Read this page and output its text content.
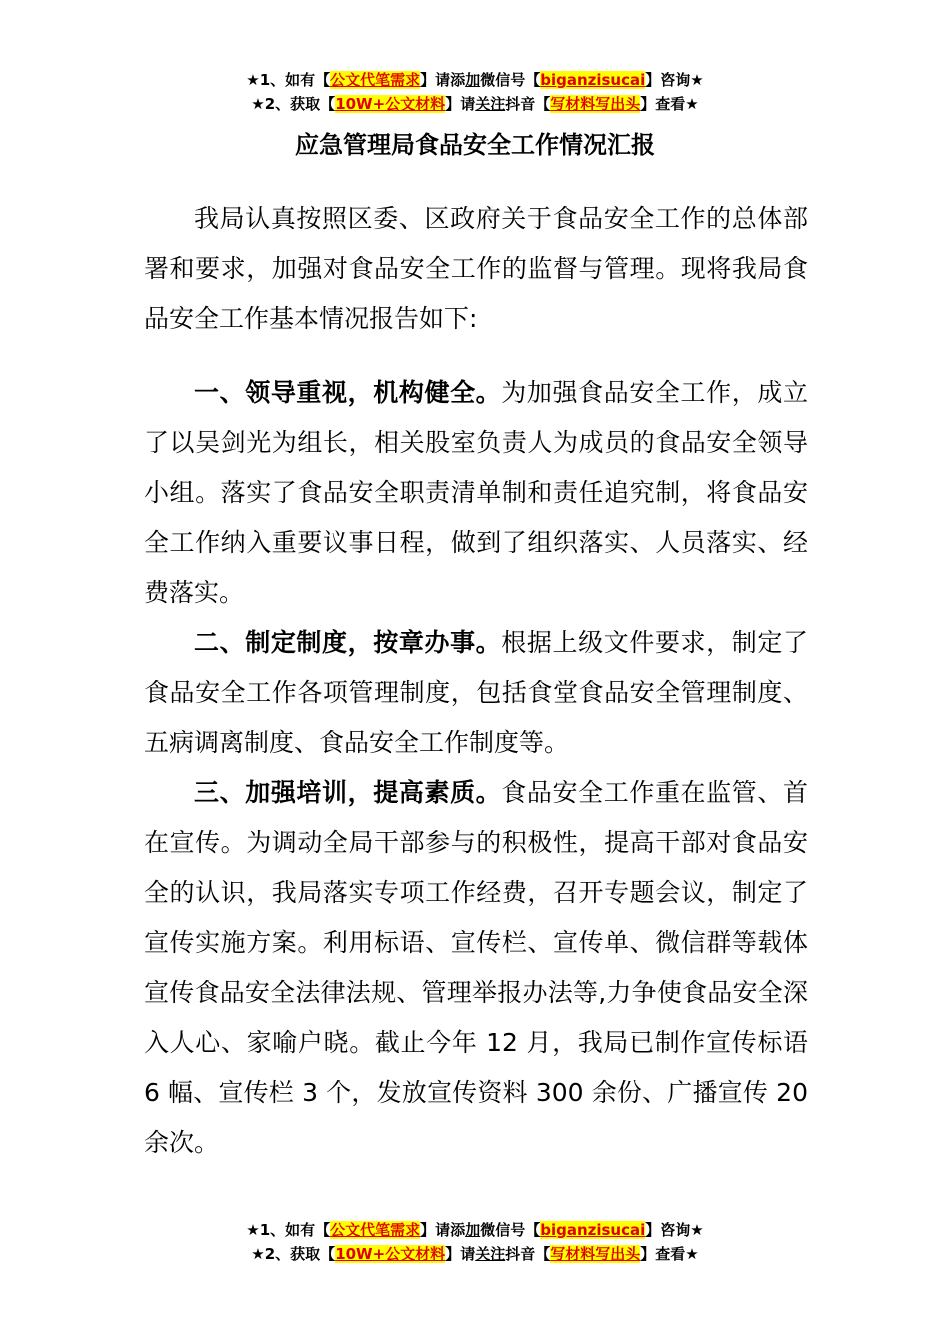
★1、如有【公文代笔需求】请添加微信号【biganzisucai】咨询★
★2、获取【10W+公文材料】请关注抖音【写材料写出头】查看★
应急管理局食品安全工作情况汇报

我局认真按照区委、区政府关于食品安全工作的总体部署和要求，加强对食品安全工作的监督与管理。现将我局食品安全工作基本情况报告如下:

一、领导重视，机构健全。为加强食品安全工作，成立了以吴剑光为组长，相关股室负责人为成员的食品安全领导小组。落实了食品安全职责清单制和责任追究制，将食品安全工作纳入重要议事日程，做到了组织落实、人员落实、经费落实。

二、制定制度，按章办事。根据上级文件要求，制定了食品安全工作各项管理制度，包括食堂食品安全管理制度、五病调离制度、食品安全工作制度等。

三、加强培训，提高素质。食品安全工作重在监管、首在宣传。为调动全局干部参与的积极性，提高干部对食品安全的认识，我局落实专项工作经费，召开专题会议，制定了宣传实施方案。利用标语、宣传栏、宣传单、微信群等载体宣传食品安全法律法规、管理举报办法等,力争使食品安全深入人心、家喻户晓。截止今年 12 月，我局已制作宣传标语 6 幅、宣传栏 3 个，发放宣传资料 300 余份、广播宣传 20 余次。

★1、如有【公文代笔需求】请添加微信号【biganzisucai】咨询★
★2、获取【10W+公文材料】请关注抖音【写材料写出头】查看★
